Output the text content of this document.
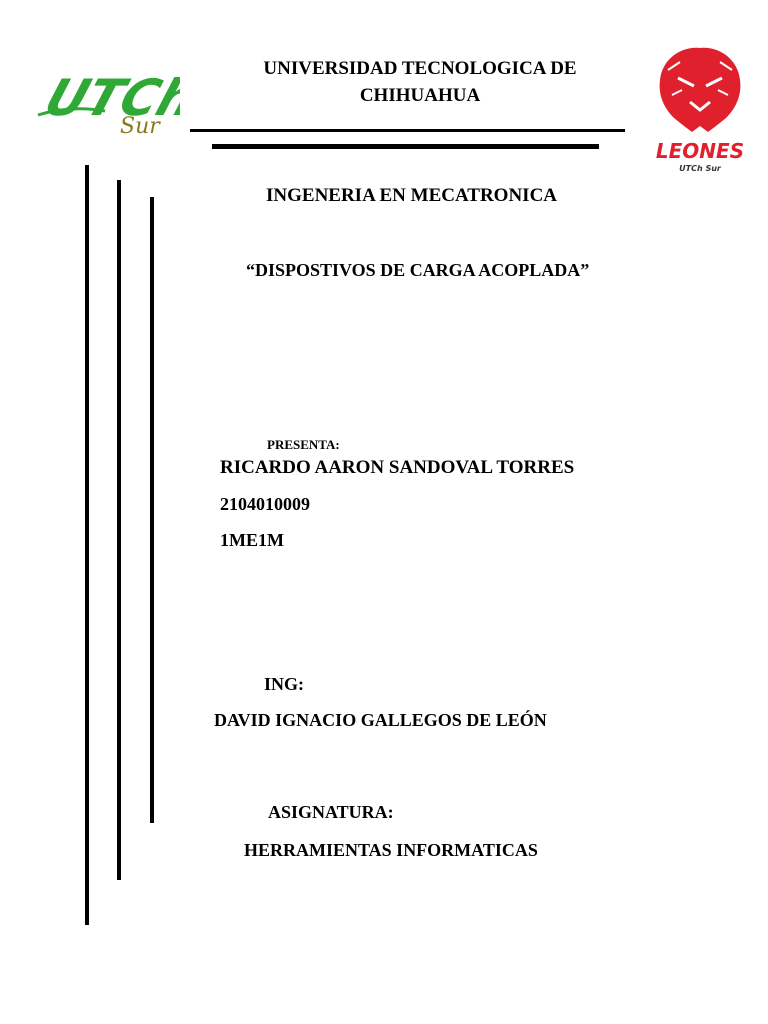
UTCh
Sur
LEONES
UTCh Sur
UNIVERSIDAD TECNOLOGICA DE
CHIHUAHUA
INGENERIA EN MECATRONICA
“DISPOSTIVOS DE CARGA ACOPLADA”
PRESENTA:
RICARDO AARON SANDOVAL TORRES
2104010009
1ME1M
ING:
DAVID IGNACIO GALLEGOS DE LEÓN
ASIGNATURA:
HERRAMIENTAS INFORMATICAS
